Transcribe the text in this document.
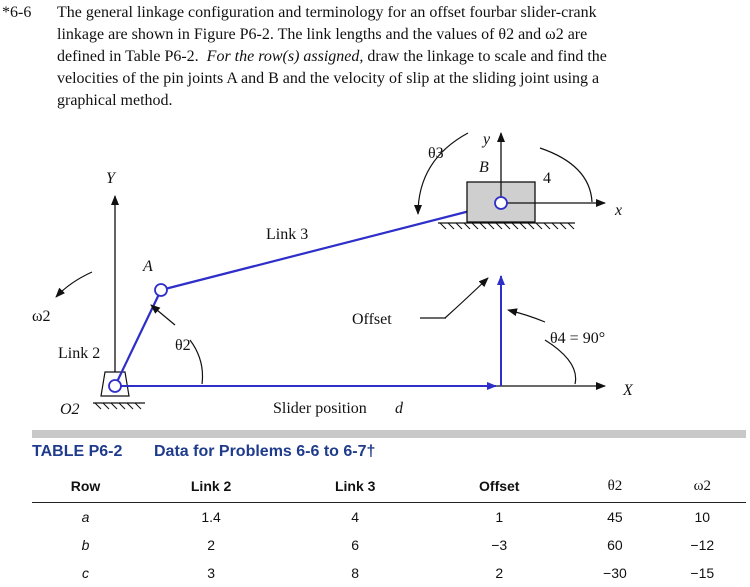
*6-6 The general linkage configuration and terminology for an offset fourbar slider-crank
linkage are shown in Figure P6-2. The link lengths and the values of θ2 and ω2 are
defined in Table P6-2. For the row(s) assigned, draw the linkage to scale and find the
velocities of the pin joints A and B and the velocity of slip at the sliding joint using a
graphical method.
θ3
y
B
4
x
Y
Link 3
A
ω2	Offset
θ2	θ4 = 90°
Link 2
X
O2	Slider position d
TABLE P6-2 Data for Problems 6-6 to 6-7†
Row	Link 2	Link 3	Offset	θ2	ω2
a	1.4	4	1	45	10
b	2	6	−3	60	−12
c	3	8	2	−30	−15
